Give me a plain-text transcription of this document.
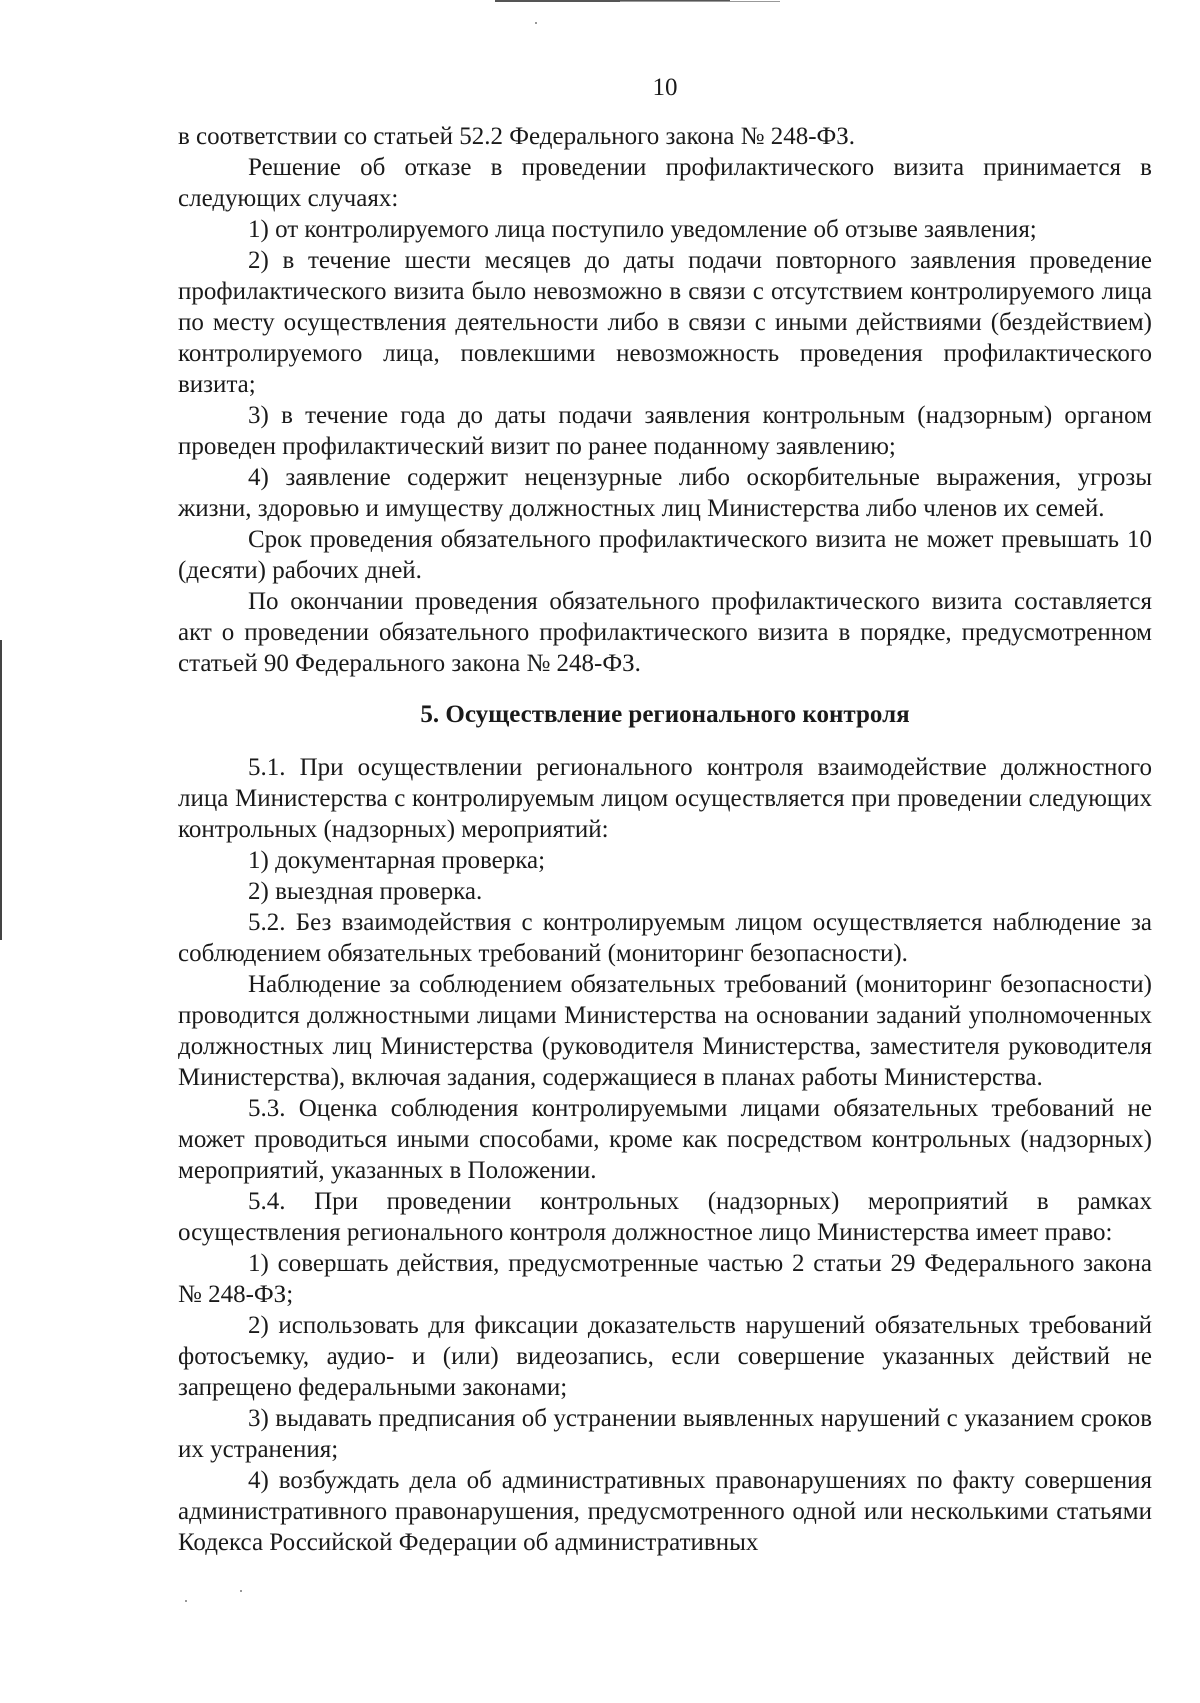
10

в соответствии со статьей 52.2 Федерального закона № 248-ФЗ.

Решение об отказе в проведении профилактического визита принимается в следующих случаях:

1) от контролируемого лица поступило уведомление об отзыве заявления;

2) в течение шести месяцев до даты подачи повторного заявления проведение профилактического визита было невозможно в связи с отсутствием контролируемого лица по месту осуществления деятельности либо в связи с иными действиями (бездействием) контролируемого лица, повлекшими невозможность проведения профилактического визита;

3) в течение года до даты подачи заявления контрольным (надзорным) органом проведен профилактический визит по ранее поданному заявлению;

4) заявление содержит нецензурные либо оскорбительные выражения, угрозы жизни, здоровью и имуществу должностных лиц Министерства либо членов их семей.

Срок проведения обязательного профилактического визита не может превышать 10 (десяти) рабочих дней.

По окончании проведения обязательного профилактического визита составляется акт о проведении обязательного профилактического визита в порядке, предусмотренном статьей 90 Федерального закона № 248-ФЗ.

5. Осуществление регионального контроля

5.1. При осуществлении регионального контроля взаимодействие должностного лица Министерства с контролируемым лицом осуществляется при проведении следующих контрольных (надзорных) мероприятий:

1) документарная проверка;

2) выездная проверка.

5.2. Без взаимодействия с контролируемым лицом осуществляется наблюдение за соблюдением обязательных требований (мониторинг безопасности).

Наблюдение за соблюдением обязательных требований (мониторинг безопасности) проводится должностными лицами Министерства на основании заданий уполномоченных должностных лиц Министерства (руководителя Министерства, заместителя руководителя Министерства), включая задания, содержащиеся в планах работы Министерства.

5.3. Оценка соблюдения контролируемыми лицами обязательных требований не может проводиться иными способами, кроме как посредством контрольных (надзорных) мероприятий, указанных в Положении.

5.4. При проведении контрольных (надзорных) мероприятий в рамках осуществления регионального контроля должностное лицо Министерства имеет право:

1) совершать действия, предусмотренные частью 2 статьи 29 Федерального закона № 248-ФЗ;

2) использовать для фиксации доказательств нарушений обязательных требований фотосъемку, аудио- и (или) видеозапись, если совершение указанных действий не запрещено федеральными законами;

3) выдавать предписания об устранении выявленных нарушений с указанием сроков их устранения;

4) возбуждать дела об административных правонарушениях по факту совершения административного правонарушения, предусмотренного одной или несколькими статьями Кодекса Российской Федерации об административных
